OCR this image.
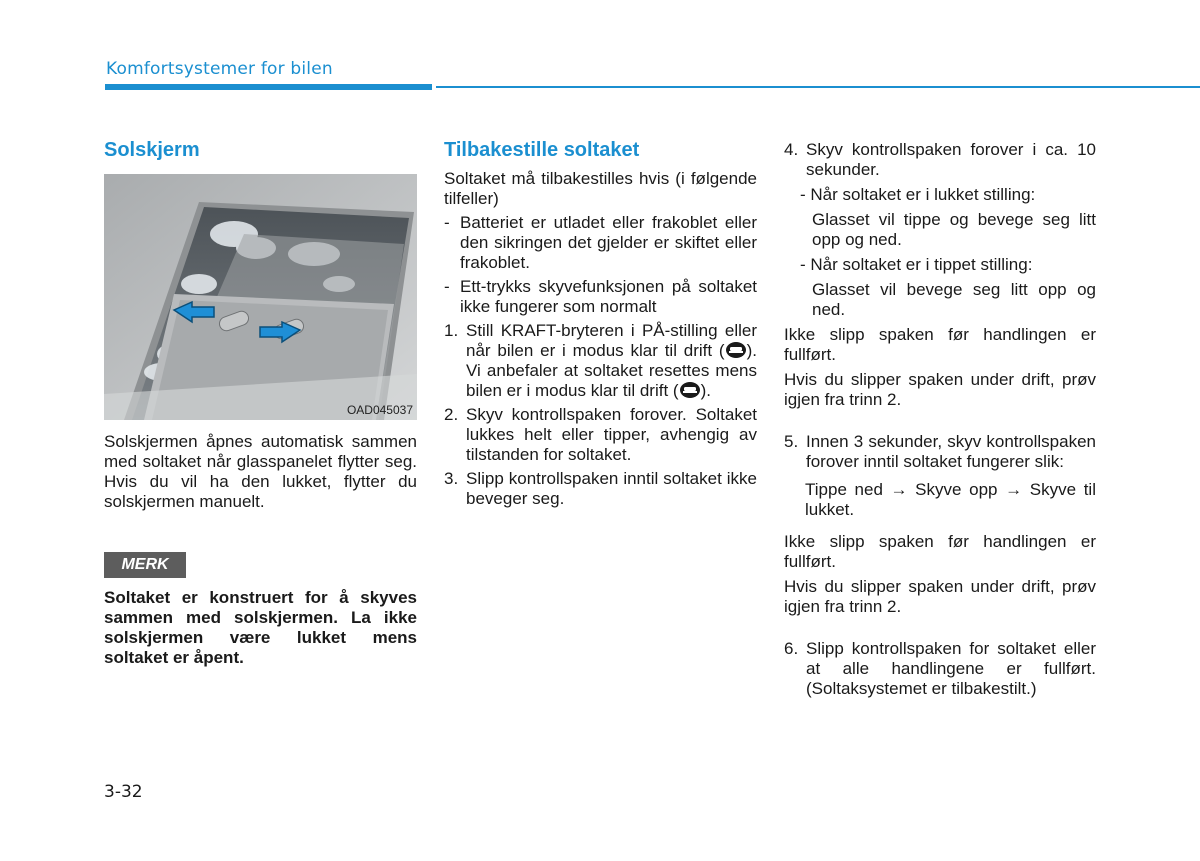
Komfortsystemer for bilen
Solskjerm
OAD045037
Solskjermen åpnes automatisk sammen med soltaket når glasspanelet flytter seg. Hvis du vil ha den lukket, flytter du solskjermen manuelt.
MERK
Soltaket er konstruert for å skyves sammen med solskjermen. La ikke solskjermen være lukket mens soltaket er åpent.
Tilbakestille soltaket

Soltaket må tilbakestilles hvis (i følgende tilfeller)

- Batteriet er utladet eller frakoblet eller den sikringen det gjelder er skiftet eller frakoblet.
- Ett-trykks skyvefunksjonen på soltaket ikke fungerer som normalt
1. Still KRAFT-bryteren i PÅ-stilling eller når bilen er i modus klar til drift ( ). Vi anbefaler at soltaket resettes mens bilen er i modus klar til drift ( ).
2. Skyv kontrollspaken forover. Soltaket lukkes helt eller tipper, avhengig av tilstanden for soltaket.
3. Slipp kontrollspaken inntil soltaket ikke beveger seg.
4. Skyv kontrollspaken forover i ca. 10 sekunder.

- Når soltaket er i lukket stilling:

Glasset vil tippe og bevege seg litt opp og ned.

- Når soltaket er i tippet stilling:

Glasset vil bevege seg litt opp og ned.

Ikke slipp spaken før handlingen er fullført.

Hvis du slipper spaken under drift, prøv igjen fra trinn 2.

5. Innen 3 sekunder, skyv kontrollspaken forover inntil soltaket fungerer slik:

Tippe ned → Skyve opp → Skyve til lukket.

Ikke slipp spaken før handlingen er fullført.

Hvis du slipper spaken under drift, prøv igjen fra trinn 2.

6. Slipp kontrollspaken for soltaket eller at alle handlingene er fullført. (Soltaksystemet er tilbakestilt.)
3-32
